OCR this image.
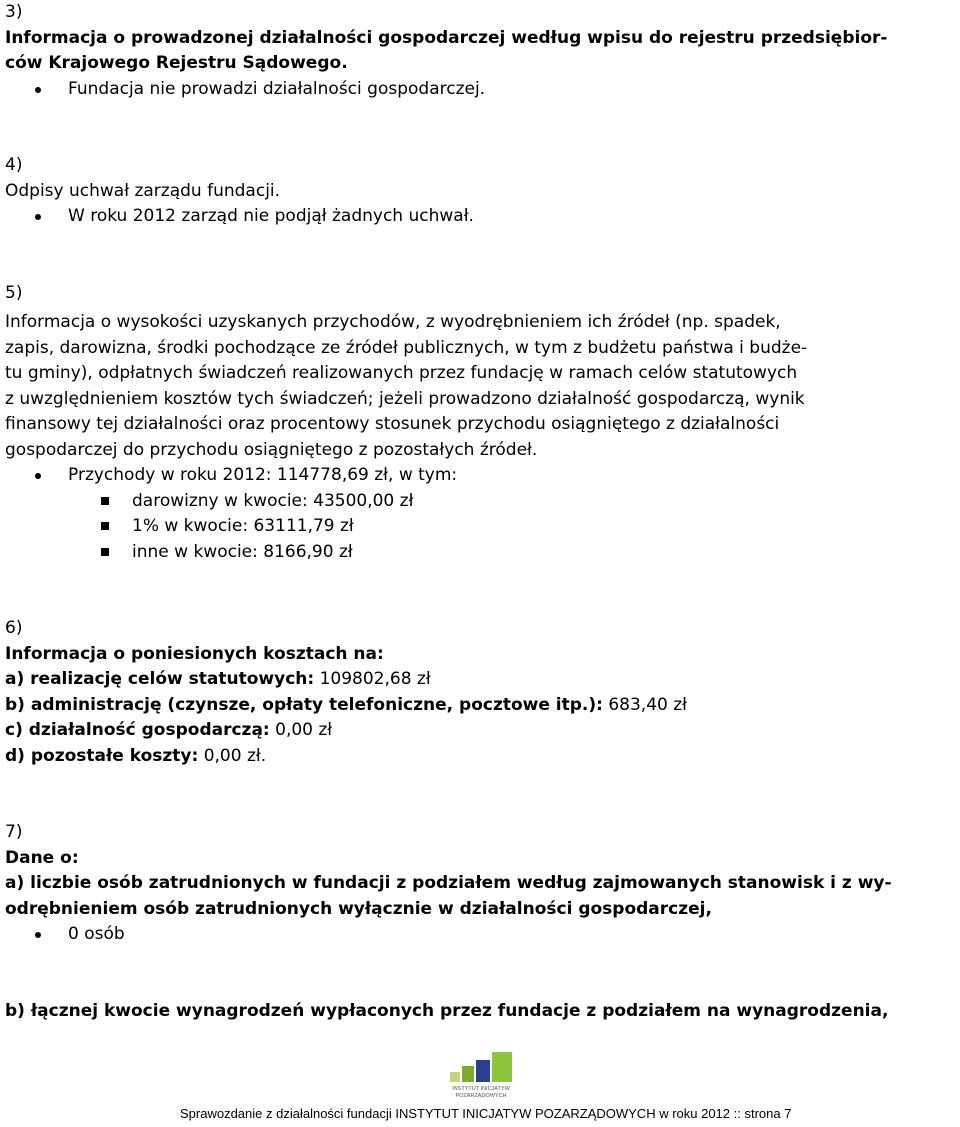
3)
Informacja o prowadzonej działalności gospodarczej według wpisu do rejestru przedsiębior-
ców Krajowego Rejestru Sądowego.
Fundacja nie prowadzi działalności gospodarczej.
4)
Odpisy uchwał zarządu fundacji.
W roku 2012 zarząd nie podjął żadnych uchwał.
5)
Informacja o wysokości uzyskanych przychodów, z wyodrębnieniem ich źródeł (np. spadek,
zapis, darowizna, środki pochodzące ze źródeł publicznych, w tym z budżetu państwa i budże-
tu gminy), odpłatnych świadczeń realizowanych przez fundację w ramach celów statutowych
z uwzględnieniem kosztów tych świadczeń; jeżeli prowadzono działalność gospodarczą, wynik
finansowy tej działalności oraz procentowy stosunek przychodu osiągniętego z działalności
gospodarczej do przychodu osiągniętego z pozostałych źródeł.
Przychody w roku 2012: 114778,69 zł, w tym:
darowizny w kwocie: 43500,00 zł
1% w kwocie: 63111,79 zł
inne w kwocie: 8166,90 zł
6)
Informacja o poniesionych kosztach na:
a) realizację celów statutowych: 109802,68 zł
b) administrację (czynsze, opłaty telefoniczne, pocztowe itp.): 683,40 zł
c) działalność gospodarczą: 0,00 zł
d) pozostałe koszty: 0,00 zł.
7)
Dane o:
a) liczbie osób zatrudnionych w fundacji z podziałem według zajmowanych stanowisk i z wy-
odrębnieniem osób zatrudnionych wyłącznie w działalności gospodarczej,
0 osób
b) łącznej kwocie wynagrodzeń wypłaconych przez fundacje z podziałem na wynagrodzenia,
INSTYTUT INICJATYW
POZARZĄDOWYCH
Sprawozdanie z działalności fundacji INSTYTUT INICJATYW POZARZĄDOWYCH w roku 2012 :: strona 7
